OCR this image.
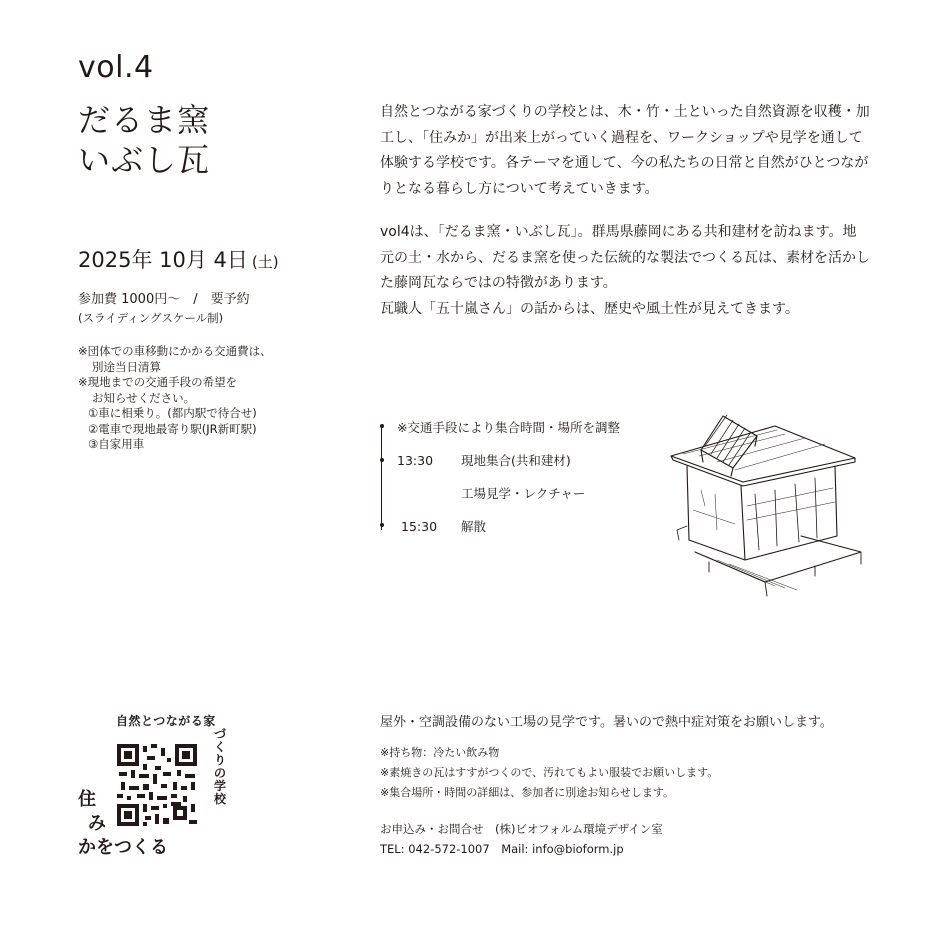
vol.4
だるま窯
いぶし瓦
2025年 10月 4日 (土)
参加費 1000円～　/　要予約
(スライディングスケール制)
※団体での車移動にかかる交通費は、
別途当日清算
※現地までの交通手段の希望を
お知らせください。
①車に相乗り。(都内駅で待合せ)
②電車で現地最寄り駅(JR新町駅)
③自家用車

自然とつながる家づくりの学校とは、木・竹・土といった自然資源を収穫・加工し、「住みか」が出来上がっていく過程を、ワークショップや見学を通して体験する学校です。各テーマを通して、今の私たちの日常と自然がひとつながりとなる暮らし方について考えていきます。

vol4は、「だるま窯・いぶし瓦」。群馬県藤岡にある共和建材を訪ねます。地元の土・水から、だるま窯を使った伝統的な製法でつくる瓦は、素材を活かした藤岡瓦ならではの特徴があります。
瓦職人「五十嵐さん」の話からは、歴史や風土性が見えてきます。

※交通手段により集合時間・場所を調整
13:30 現地集合(共和建材)
工場見学・レクチャー
15:30 解散
自然とつながる家
づくりの学校
住
み
かをつくる
屋外・空調設備のない工場の見学です。暑いので熱中症対策をお願いします。
※持ち物：冷たい飲み物
※素焼きの瓦はすすがつくので、汚れてもよい服装でお願いします。
※集合場所・時間の詳細は、参加者に別途お知らせします。
お申込み・お問合せ　(株)ビオフォルム環境デザイン室
TEL: 042-572-1007　Mail: info@bioform.jp
